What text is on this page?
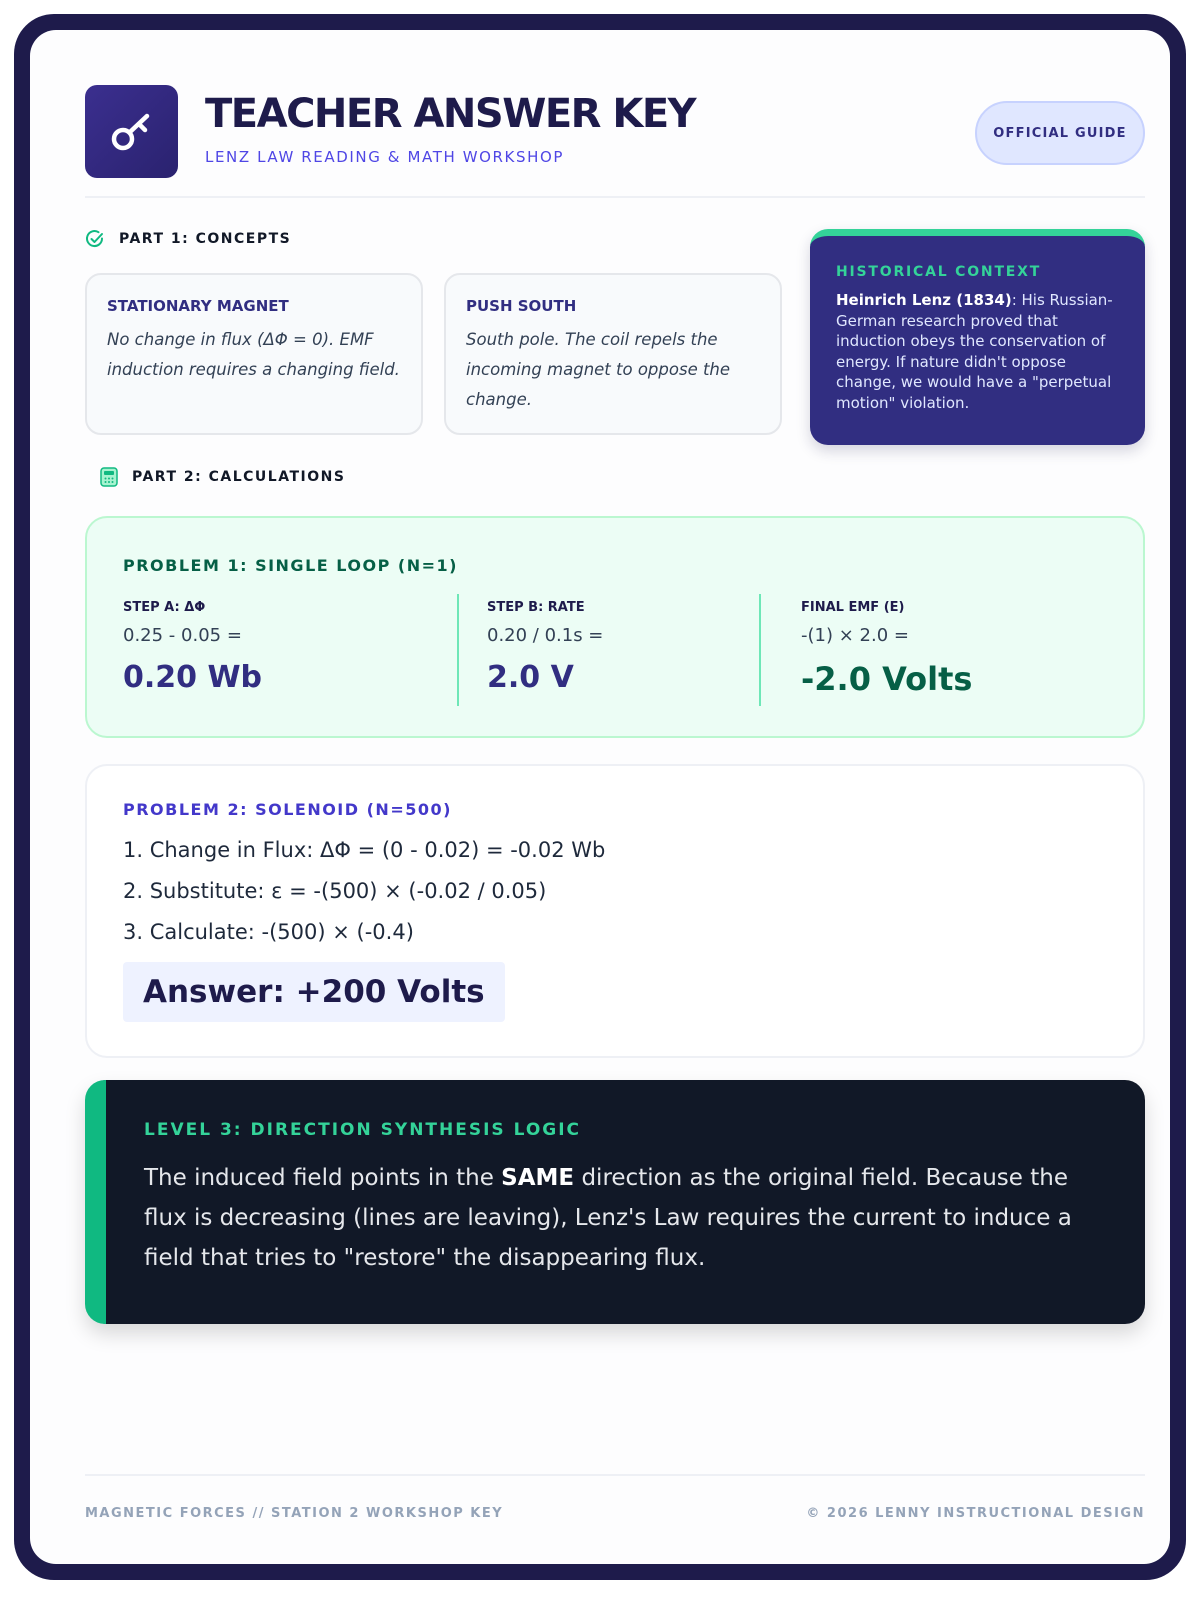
TEACHER ANSWER KEY
LENZ LAW READING & MATH WORKSHOP
OFFICIAL GUIDE
PART 1: CONCEPTS
STATIONARY MAGNET

No change in flux (ΔΦ = 0). EMF induction requires a changing field.

PUSH SOUTH

South pole. The coil repels the incoming magnet to oppose the change.

HISTORICAL CONTEXT

Heinrich Lenz (1834): His Russian-German research proved that induction obeys the conservation of energy. If nature didn't oppose change, we would have a "perpetual motion" violation.

PART 2: CALCULATIONS
PROBLEM 1: SINGLE LOOP (N=1)
STEP A: ΔΦ
0.25 - 0.05 =
0.20 Wb
STEP B: RATE
0.20 / 0.1s =
2.0 V
FINAL EMF (Ε)
-(1) × 2.0 =
-2.0 Volts
PROBLEM 2: SOLENOID (N=500)
1. Change in Flux: ΔΦ = (0 - 0.02) = -0.02 Wb
2. Substitute: ε = -(500) × (-0.02 / 0.05)
3. Calculate: -(500) × (-0.4)
Answer: +200 Volts
LEVEL 3: DIRECTION SYNTHESIS LOGIC

The induced field points in the SAME direction as the original field. Because the flux is decreasing (lines are leaving), Lenz's Law requires the current to induce a field that tries to "restore" the disappearing flux.

MAGNETIC FORCES // STATION 2 WORKSHOP KEY	© 2026 LENNY INSTRUCTIONAL DESIGN
